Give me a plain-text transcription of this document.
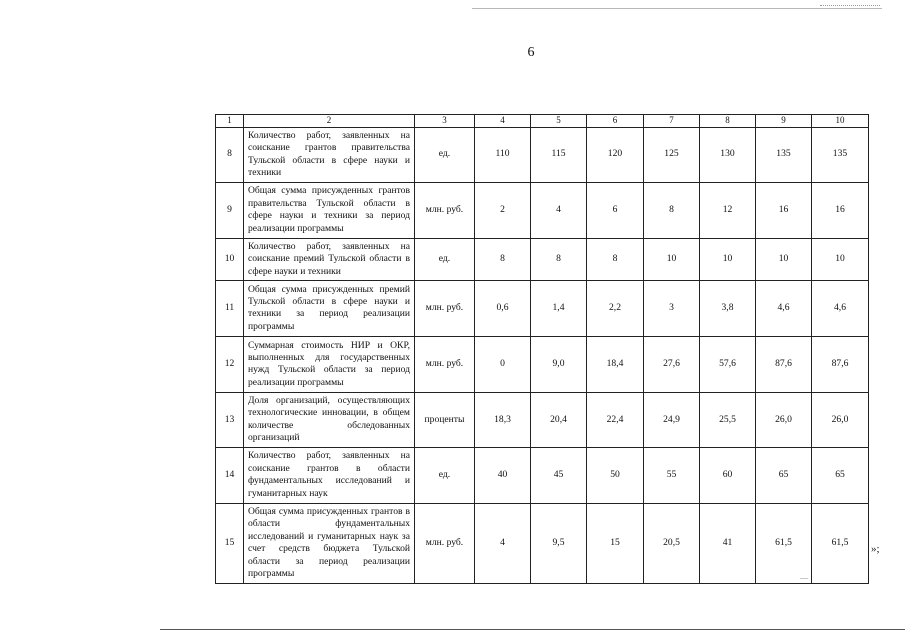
6
1	2	3	4	5	6	7	8	9	10
8	Количество работ, заявленных на соискание грантов правительства Тульской области в сфере науки и техники	ед.	110	115	120	125	130	135	135
9	Общая сумма присужденных грантов правительства Тульской области в сфере науки и техники за период реализации программы	млн. руб.	2	4	6	8	12	16	16
10	Количество работ, заявленных на соискание премий Тульской области в сфере науки и техники	ед.	8	8	8	10	10	10	10
11	Общая сумма присужденных премий Тульской области в сфере науки и техники за период реализации программы	млн. руб.	0,6	1,4	2,2	3	3,8	4,6	4,6
12	Суммарная стоимость НИР и ОКР, выполненных для государственных нужд Тульской области за период реализации программы	млн. руб.	0	9,0	18,4	27,6	57,6	87,6	87,6
13	Доля организаций, осуществляющих технологические инновации, в общем количестве обследованных организаций	проценты	18,3	20,4	22,4	24,9	25,5	26,0	26,0
14	Количество работ, заявленных на соискание грантов в области фундаментальных исследований и гуманитарных наук	ед.	40	45	50	55	60	65	65
15	Общая сумма присужденных грантов в области фундаментальных исследований и гуманитарных наук за счет средств бюджета Тульской области за период реализации программы	млн. руб.	4	9,5	15	20,5	41	61,5	61,5
»;
